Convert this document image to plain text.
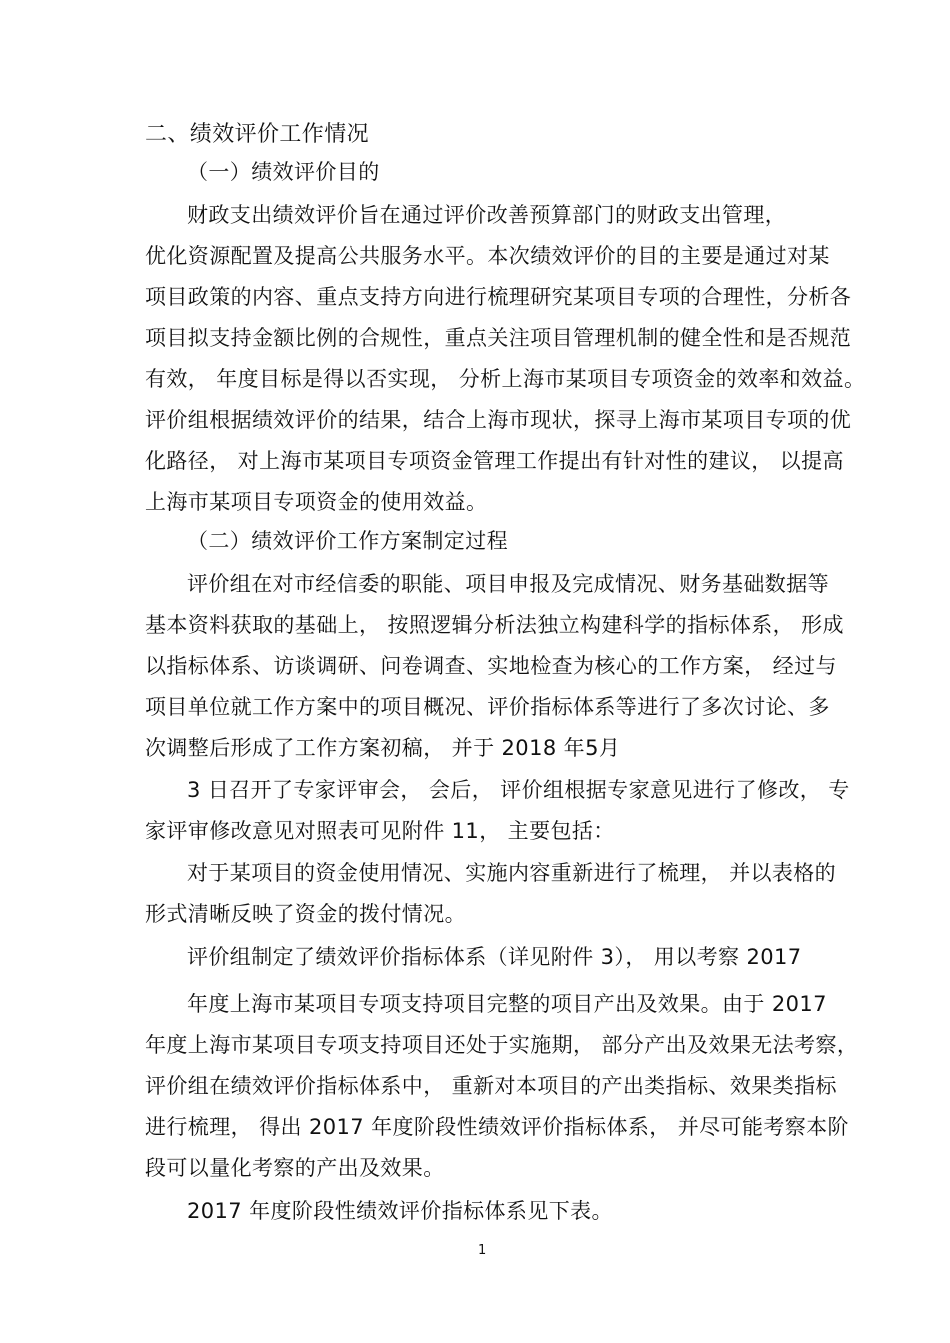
二、绩效评价工作情况
（一）绩效评价目的
财政支出绩效评价旨在通过评价改善预算部门的财政支出管理，
优化资源配置及提高公共服务水平。本次绩效评价的目的主要是通过对某
项目政策的内容、重点支持方向进行梳理研究某项目专项的合理性，分析各
项目拟支持金额比例的合规性，重点关注项目管理机制的健全性和是否规范
有效， 年度目标是得以否实现， 分析上海市某项目专项资金的效率和效益。
评价组根据绩效评价的结果，结合上海市现状，探寻上海市某项目专项的优
化路径， 对上海市某项目专项资金管理工作提出有针对性的建议， 以提高
上海市某项目专项资金的使用效益。
（二）绩效评价工作方案制定过程
评价组在对市经信委的职能、项目申报及完成情况、财务基础数据等
基本资料获取的基础上， 按照逻辑分析法独立构建科学的指标体系， 形成
以指标体系、访谈调研、问卷调查、实地检查为核心的工作方案， 经过与
项目单位就工作方案中的项目概况、评价指标体系等进行了多次讨论、多
次调整后形成了工作方案初稿， 并于 2018 年5月
3 日召开了专家评审会， 会后， 评价组根据专家意见进行了修改， 专
家评审修改意见对照表可见附件 11， 主要包括：
对于某项目的资金使用情况、实施内容重新进行了梳理， 并以表格的
形式清晰反映了资金的拨付情况。
评价组制定了绩效评价指标体系（详见附件 3）， 用以考察 2017
年度上海市某项目专项支持项目完整的项目产出及效果。由于 2017
年度上海市某项目专项支持项目还处于实施期， 部分产出及效果无法考察，
评价组在绩效评价指标体系中， 重新对本项目的产出类指标、效果类指标
进行梳理， 得出 2017 年度阶段性绩效评价指标体系， 并尽可能考察本阶
段可以量化考察的产出及效果。
2017 年度阶段性绩效评价指标体系见下表。
1
